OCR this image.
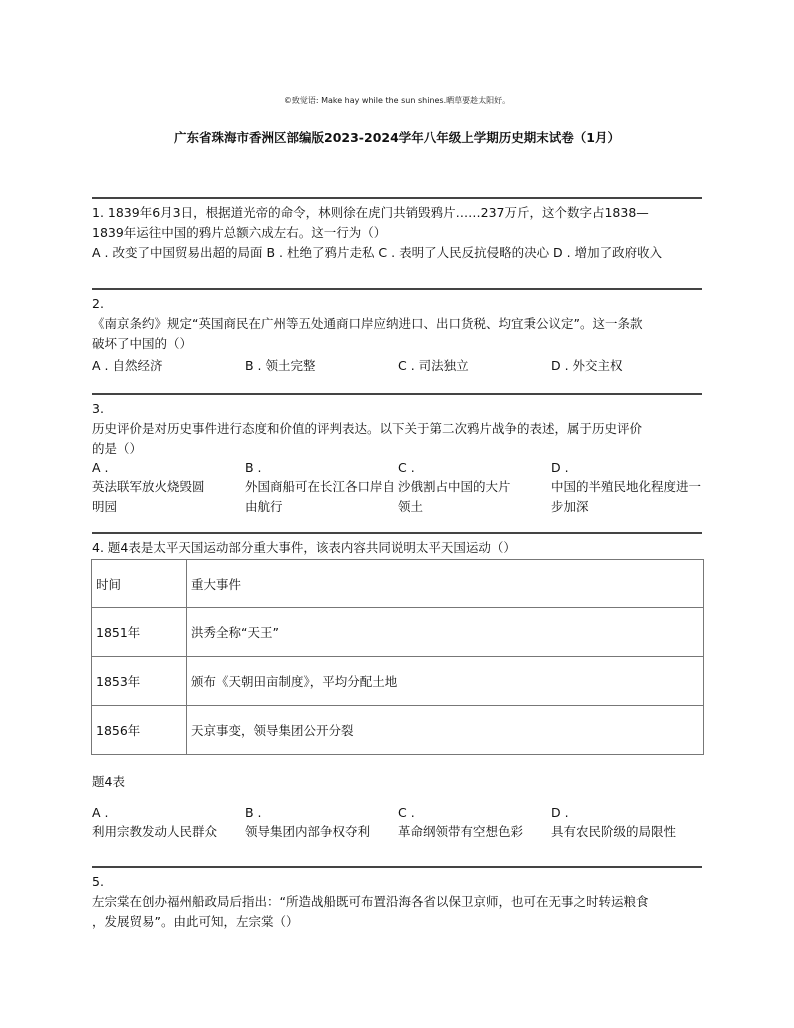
©致觉语: Make hay while the sun shines.晒草要趁太阳好。
广东省珠海市香洲区部编版2023-2024学年八年级上学期历史期末试卷（1月）

1. 1839年6月3日，根据道光帝的命令，林则徐在虎门共销毁鸦片……237万斤，这个数字占1838—

1839年运往中国的鸦片总额六成左右。这一行为（）

A . 改变了中国贸易出超的局面 B . 杜绝了鸦片走私 C . 表明了人民反抗侵略的决心 D . 增加了政府收入

2.

《南京条约》规定“英国商民在广州等五处通商口岸应纳进口、出口货税、均宜秉公议定”。这一条款

破坏了中国的（）

A . 自然经济	B . 领土完整	C . 司法独立	D . 外交主权

3.

历史评价是对历史事件进行态度和价值的评判表达。以下关于第二次鸦片战争的表述，属于历史评价

的是（）

A .
英法联军放火烧毁圆
明园
B .
外国商船可在长江各口岸自
由航行
C .
沙俄割占中国的大片
领土
D .
中国的半殖民地化程度进一
步加深

4. 题4表是太平天国运动部分重大事件，该表内容共同说明太平天国运动（）

时间	重大事件
1851年	洪秀全称“天王”
1853年	颁布《天朝田亩制度》，平均分配土地
1856年	天京事变，领导集团公开分裂
题4表
A .
利用宗教发动人民群众
B .
领导集团内部争权夺利
C .
革命纲领带有空想色彩
D .
具有农民阶级的局限性

5.

左宗棠在创办福州船政局后指出：“所造战船既可布置沿海各省以保卫京师，也可在无事之时转运粮食

，发展贸易”。由此可知，左宗棠（）
